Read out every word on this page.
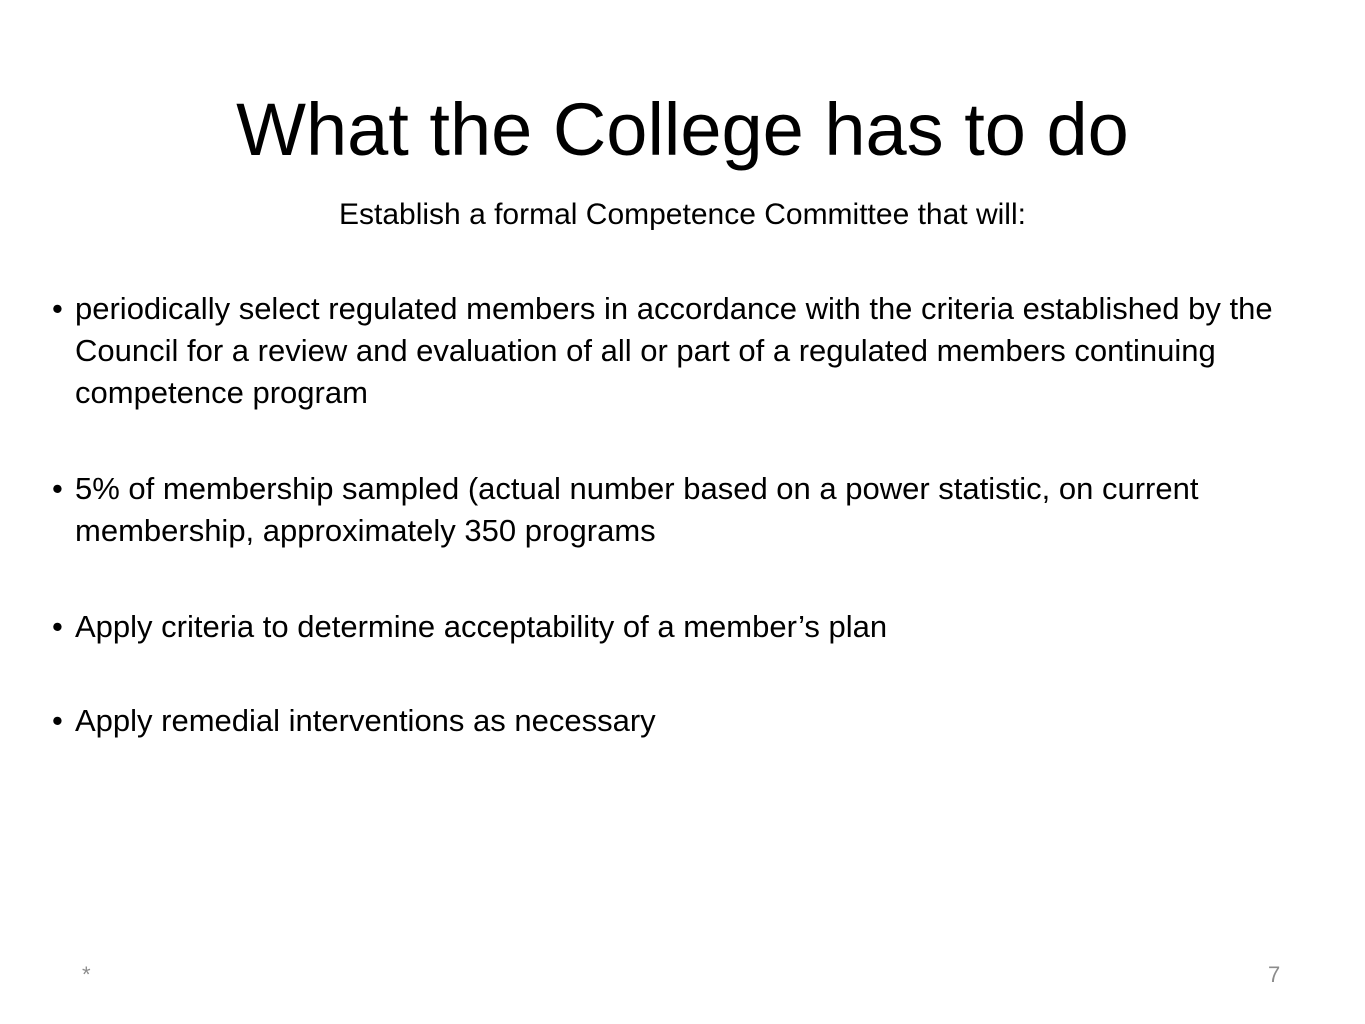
What the College has to do

Establish a formal Competence Committee that will:

• periodically select regulated members in accordance with the criteria established by the Council for a review and evaluation of all or part of a regulated members continuing competence program
• 5% of membership sampled (actual number based on a power statistic, on current membership, approximately 350 programs
• Apply criteria to determine acceptability of a member’s plan
• Apply remedial interventions as necessary
*	7
